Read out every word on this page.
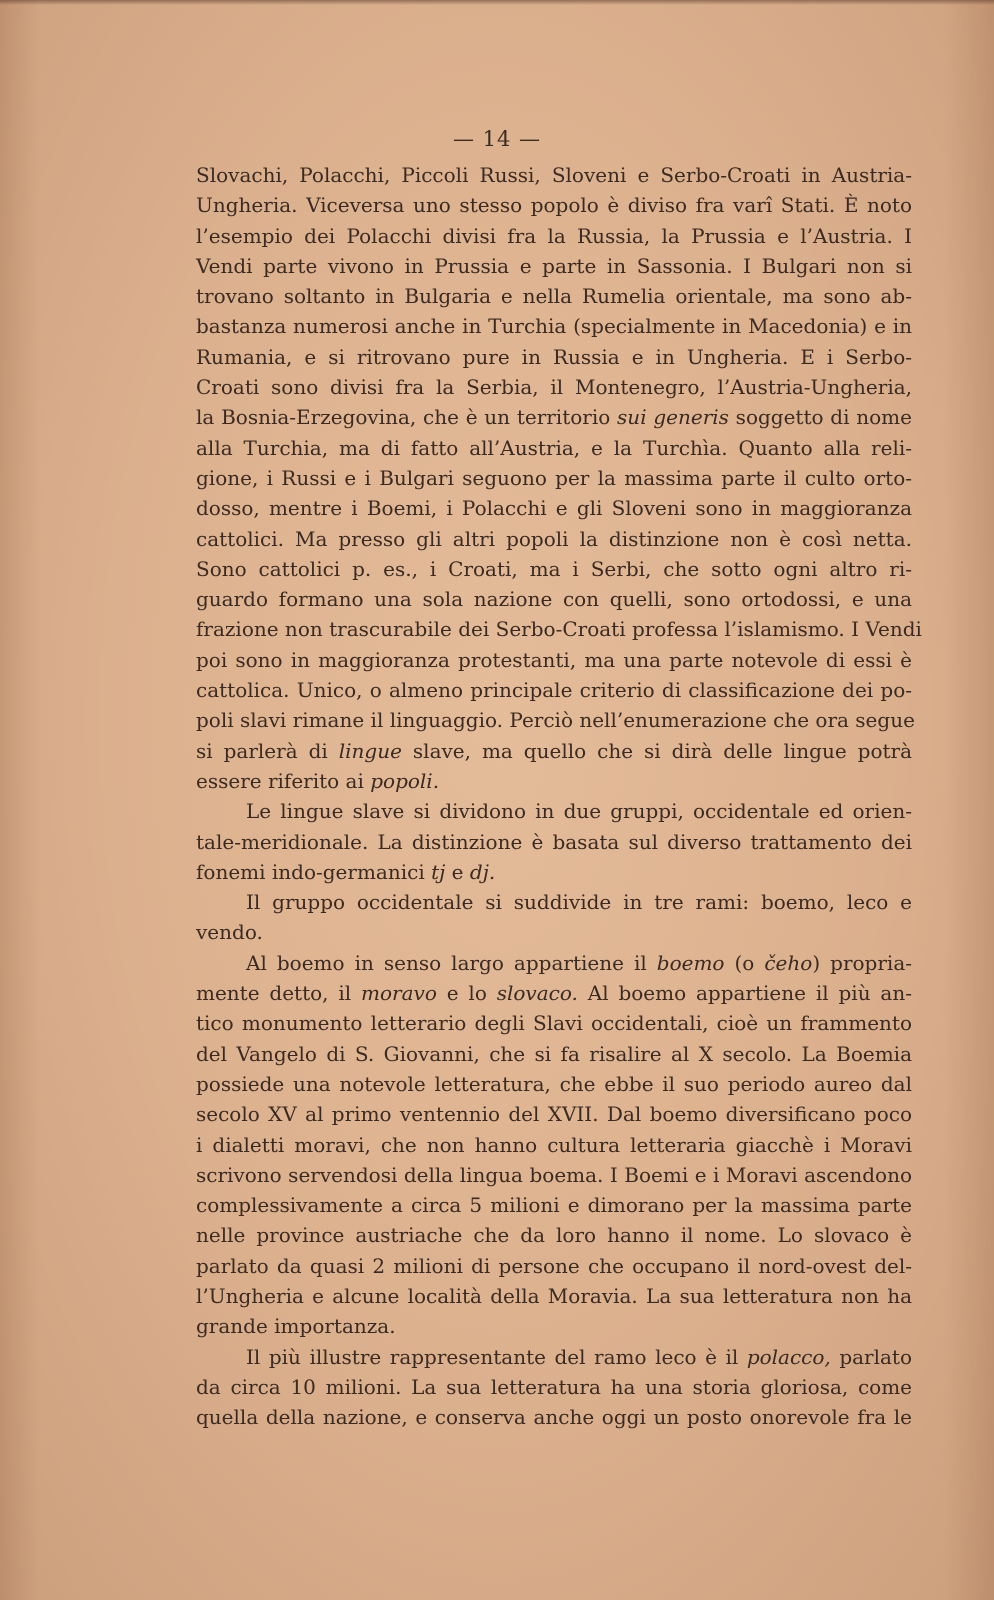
— 14 —
Slovachi, Polacchi, Piccoli Russi, Sloveni e Serbo-Croati in Austria-
Ungheria. Viceversa uno stesso popolo è diviso fra varî Stati. È noto
l’esempio dei Polacchi divisi fra la Russia, la Prussia e l’Austria. I
Vendi parte vivono in Prussia e parte in Sassonia. I Bulgari non si
trovano soltanto in Bulgaria e nella Rumelia orientale, ma sono ab-
bastanza numerosi anche in Turchia (specialmente in Macedonia) e in
Rumania, e si ritrovano pure in Russia e in Ungheria. E i Serbo-
Croati sono divisi fra la Serbia, il Montenegro, l’Austria-Ungheria,
la Bosnia-Erzegovina, che è un territorio sui generis soggetto di nome
alla Turchia, ma di fatto all’Austria, e la Turchìa. Quanto alla reli-
gione, i Russi e i Bulgari seguono per la massima parte il culto orto-
dosso, mentre i Boemi, i Polacchi e gli Sloveni sono in maggioranza
cattolici. Ma presso gli altri popoli la distinzione non è così netta.
Sono cattolici p. es., i Croati, ma i Serbi, che sotto ogni altro ri-
guardo formano una sola nazione con quelli, sono ortodossi, e una
frazione non trascurabile dei Serbo-Croati professa l’islamismo. I Vendi
poi sono in maggioranza protestanti, ma una parte notevole di essi è
cattolica. Unico, o almeno principale criterio di classificazione dei po-
poli slavi rimane il linguaggio. Perciò nell’enumerazione che ora segue
si parlerà di lingue slave, ma quello che si dirà delle lingue potrà
essere riferito ai popoli.
Le lingue slave si dividono in due gruppi, occidentale ed orien-
tale-meridionale. La distinzione è basata sul diverso trattamento dei
fonemi indo-germanici tj e dj.
Il gruppo occidentale si suddivide in tre rami: boemo, leco e
vendo.
Al boemo in senso largo appartiene il boemo (o čeho) propria-
mente detto, il moravo e lo slovaco. Al boemo appartiene il più an-
tico monumento letterario degli Slavi occidentali, cioè un frammento
del Vangelo di S. Giovanni, che si fa risalire al X secolo. La Boemia
possiede una notevole letteratura, che ebbe il suo periodo aureo dal
secolo XV al primo ventennio del XVII. Dal boemo diversificano poco
i dialetti moravi, che non hanno cultura letteraria giacchè i Moravi
scrivono servendosi della lingua boema. I Boemi e i Moravi ascendono
complessivamente a circa 5 milioni e dimorano per la massima parte
nelle province austriache che da loro hanno il nome. Lo slovaco è
parlato da quasi 2 milioni di persone che occupano il nord-ovest del-
l’Ungheria e alcune località della Moravia. La sua letteratura non ha
grande importanza.
Il più illustre rappresentante del ramo leco è il polacco, parlato
da circa 10 milioni. La sua letteratura ha una storia gloriosa, come
quella della nazione, e conserva anche oggi un posto onorevole fra le
